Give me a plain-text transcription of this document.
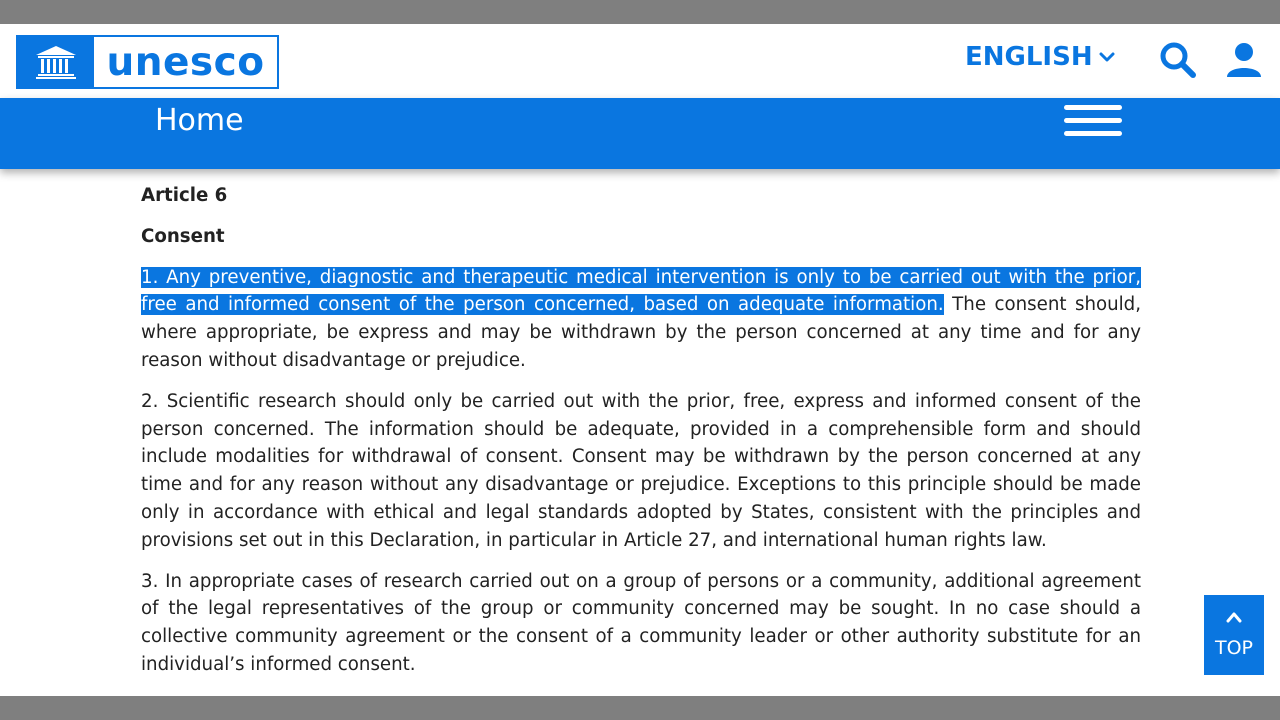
unesco	ENGLISH
Home
Article 6
Consent

1. Any preventive, diagnostic and therapeutic medical intervention is only to be carried out with the prior, free and informed consent of the person concerned, based on adequate information. The consent should, where appropriate, be express and may be withdrawn by the person concerned at any time and for any reason without disadvantage or prejudice.

2. Scientific research should only be carried out with the prior, free, express and informed consent of the person concerned. The information should be adequate, provided in a comprehensible form and should include modalities for withdrawal of consent. Consent may be withdrawn by the person concerned at any time and for any reason without any disadvantage or prejudice. Exceptions to this principle should be made only in accordance with ethical and legal standards adopted by States, consistent with the principles and provisions set out in this Declaration, in particular in Article 27, and international human rights law.

3. In appropriate cases of research carried out on a group of persons or a community, additional agreement of the legal representatives of the group or community concerned may be sought. In no case should a collective community agreement or the consent of a community leader or other authority substitute for an individual’s informed consent.

TOP
